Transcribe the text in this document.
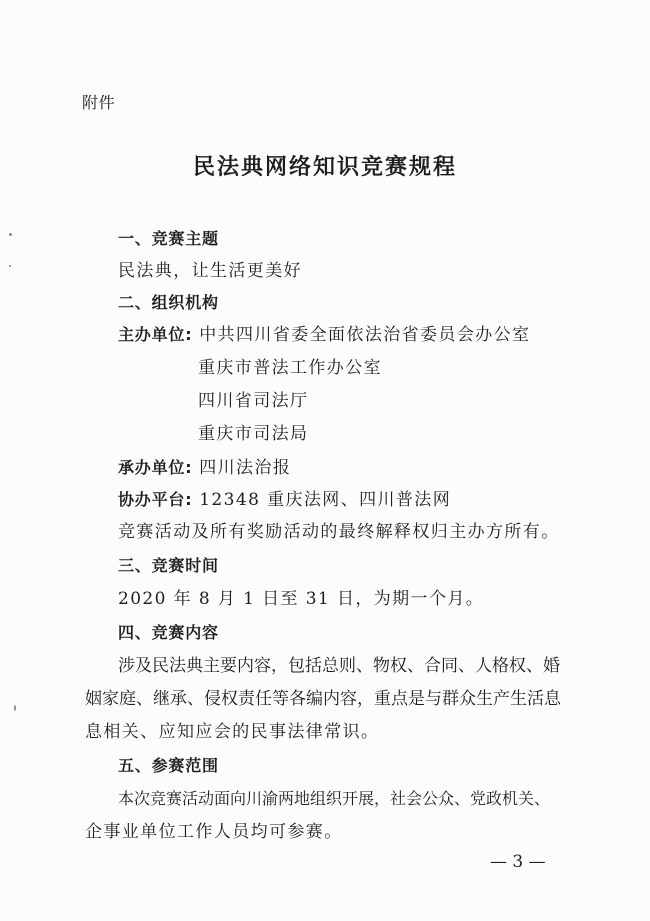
附件
民法典网络知识竞赛规程
一、竞赛主题
民法典，让生活更美好
二、组织机构
主办单位: 中共四川省委全面依法治省委员会办公室
重庆市普法工作办公室
四川省司法厅
重庆市司法局
承办单位: 四川法治报
协办平台: 12348 重庆法网、四川普法网
竞赛活动及所有奖励活动的最终解释权归主办方所有。
三、竞赛时间
2020 年 8 月 1 日至 31 日，为期一个月。
四、竞赛内容
涉及民法典主要内容，包括总则、物权、合同、人格权、婚
姻家庭、继承、侵权责任等各编内容，重点是与群众生产生活息
息相关、应知应会的民事法律常识。
五、参赛范围
本次竞赛活动面向川渝两地组织开展，社会公众、党政机关、
企事业单位工作人员均可参赛。
— 3 —
